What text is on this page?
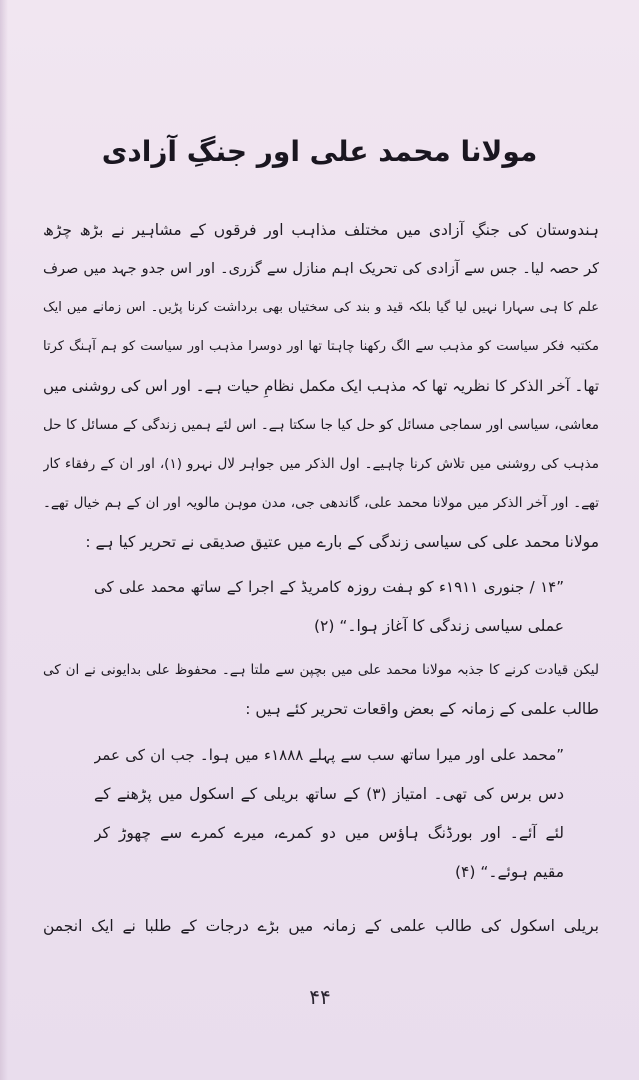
مولانا محمد علی اور جنگِ آزادی
ہندوستان کی جنگِ آزادی میں مختلف مذاہب اور فرقوں کے مشاہیر نے بڑھ چڑھ
کر حصہ لیا۔ جس سے آزادی کی تحریک اہم منازل سے گزری۔ اور اس جدو جہد میں صرف
علم کا ہی سہارا نہیں لیا گیا بلکہ قید و بند کی سختیاں بھی برداشت کرنا پڑیں۔ اس زمانے میں ایک
مکتبہ فکر سیاست کو مذہب سے الگ رکھنا چاہتا تھا اور دوسرا مذہب اور سیاست کو ہم آہنگ کرتا
تھا۔ آخر الذکر کا نظریہ تھا کہ مذہب ایک مکمل نظامِ حیات ہے۔ اور اس کی روشنی میں
معاشی، سیاسی اور سماجی مسائل کو حل کیا جا سکتا ہے۔ اس لئے ہمیں زندگی کے مسائل کا حل
مذہب کی روشنی میں تلاش کرنا چاہیے۔ اول الذکر میں جواہر لال نہرو (۱)، اور ان کے رفقاء کار
تھے۔ اور آخر الذکر میں مولانا محمد علی، گاندھی جی، مدن موہن مالویہ اور ان کے ہم خیال تھے۔
مولانا محمد علی کی سیاسی زندگی کے بارے میں عتیق صدیقی نے تحریر کیا ہے :
”۱۴ / جنوری ۱۹۱۱ء کو ہفت روزہ کامریڈ کے اجرا کے ساتھ محمد علی کی
عملی سیاسی زندگی کا آغاز ہوا۔“ (۲)
لیکن قیادت کرنے کا جذبہ مولانا محمد علی میں بچپن سے ملتا ہے۔ محفوظ علی بدایونی نے ان کی
طالب علمی کے زمانہ کے بعض واقعات تحریر کئے ہیں :
”محمد علی اور میرا ساتھ سب سے پہلے ۱۸۸۸ء میں ہوا۔ جب ان کی عمر
دس برس کی تھی۔ امتیاز (۳) کے ساتھ بریلی کے اسکول میں پڑھنے کے
لئے آئے۔ اور بورڈنگ ہاؤس میں دو کمرے، میرے کمرے سے چھوڑ کر
مقیم ہوئے۔“ (۴)
بریلی اسکول کی طالب علمی کے زمانہ میں بڑے درجات کے طلبا نے ایک انجمن
۴۴
